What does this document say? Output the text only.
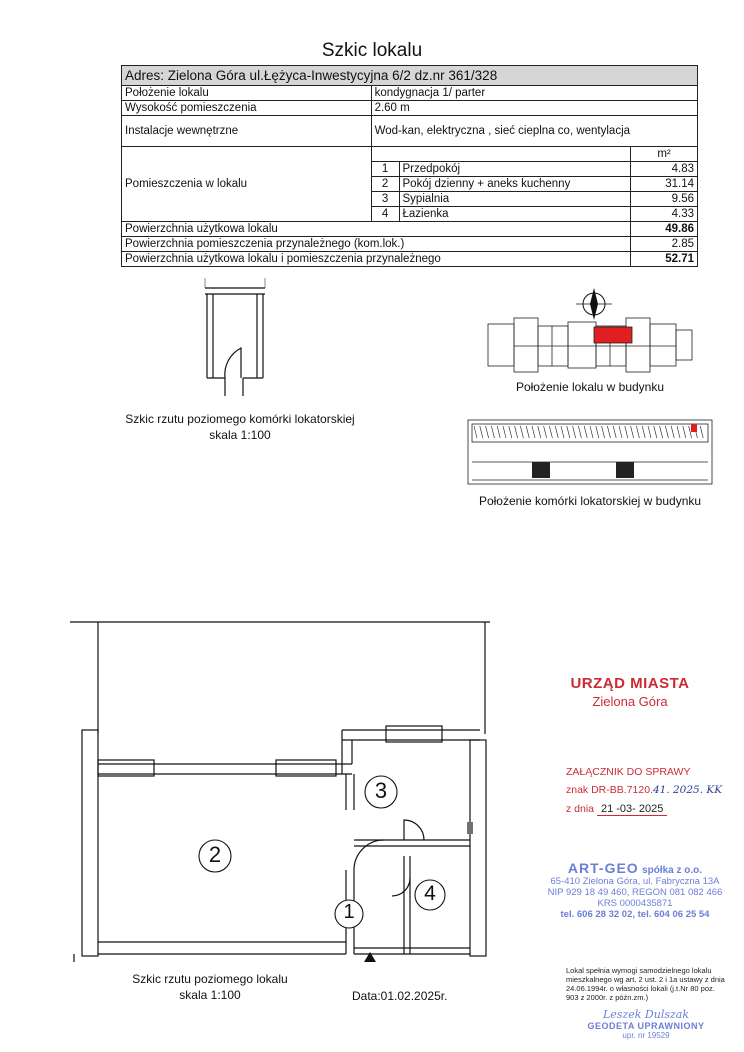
Szkic lokalu
Adres: Zielona Góra ul.Łężyca-Inwestycyjna 6/2 dz.nr 361/328			
Położenie lokalu	kondygnacja 1/ parter		
Wysokość pomieszczenia	2.60 m		
Instalacje wewnętrzne	Wod-kan, elektryczna , sieć cieplna co, wentylacja		
Pomieszczenia w lokalu			m²
	1	Przedpokój	4.83
	2	Pokój dzienny + aneks kuchenny	31.14
	3	Sypialnia	9.56
	4	Łazienka	4.33
Powierzchnia użytkowa lokalu			49.86
Powierzchnia pomieszczenia przynależnego (kom.lok.)			2.85
Powierzchnia użytkowa lokalu i pomieszczenia przynależnego			52.71
Szkic rzutu poziomego komórki lokatorskiej
skala 1:100
Położenie lokalu w budynku
Położenie komórki lokatorskiej w budynku
1
2
3
4
Szkic rzutu poziomego lokalu
skala 1:100	Data:01.02.2025r.
URZĄD MIASTA
Zielona Góra
ZAŁĄCZNIK DO SPRAWY
znak DR-BB.7120.41. 2025. KK
z dnia 21 -03- 2025
ART-GEO spółka z o.o.
65-410 Zielona Góra, ul. Fabryczna 13A
NIP 929 18 49 460, REGON 081 082 466
KRS 0000435871
tel. 606 28 32 02, tel. 604 06 25 54
Lokal spełnia wymogi samodzielnego lokalu mieszkalnego wg art. 2 ust. 2 i 1a ustawy z dnia 24.06.1994r. o własności lokali (j.t.Nr 80 poz. 903 z 2000r. z późn.zm.)
Leszek Dulszak
GEODETA UPRAWNIONY
upr. nr 19529
